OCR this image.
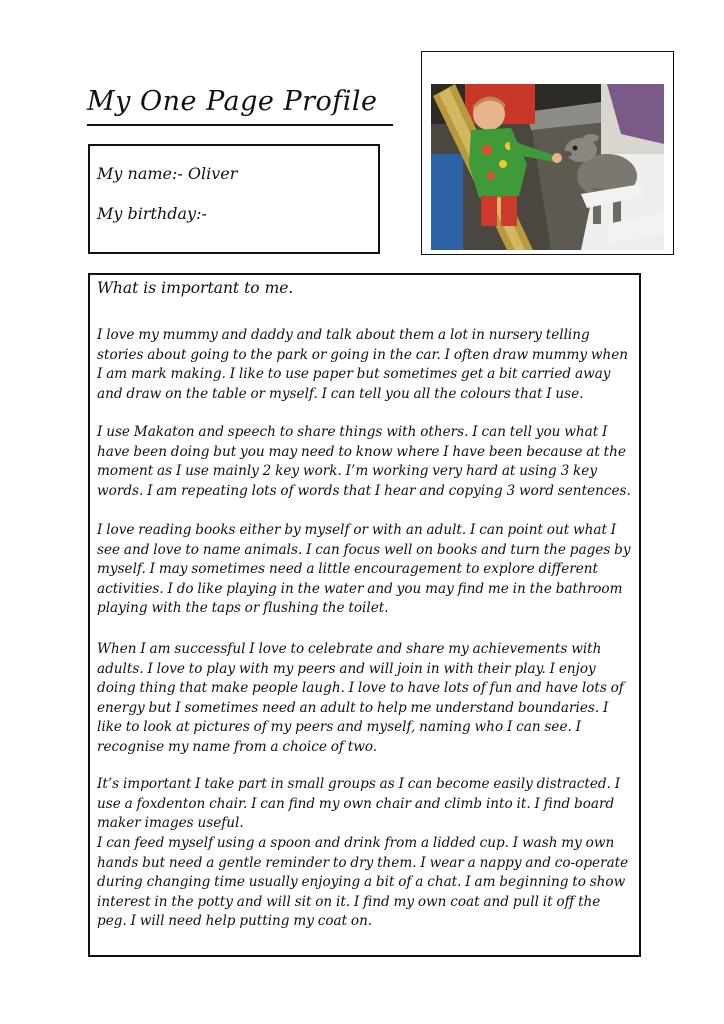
My One Page Profile
My name:- Oliver
My birthday:-
What is important to me.

I love my mummy and daddy and talk about them a lot in nursery telling stories about going to the park or going in the car. I often draw mummy when I am mark making. I like to use paper but sometimes get a bit carried away and draw on the table or myself. I can tell you all the colours that I use.

I use Makaton and speech to share things with others. I can tell you what I have been doing but you may need to know where I have been because at the moment as I use mainly 2 key work. I’m working very hard at using 3 key words. I am repeating lots of words that I hear and copying 3 word sentences.

I love reading books either by myself or with an adult. I can point out what I see and love to name animals. I can focus well on books and turn the pages by myself. I may sometimes need a little encouragement to explore different activities. I do like playing in the water and you may find me in the bathroom playing with the taps or flushing the toilet.

When I am successful I love to celebrate and share my achievements with adults. I love to play with my peers and will join in with their play. I enjoy doing thing that make people laugh. I love to have lots of fun and have lots of energy but I sometimes need an adult to help me understand boundaries. I like to look at pictures of my peers and myself, naming who I can see. I recognise my name from a choice of two.

It’s important I take part in small groups as I can become easily distracted. I use a foxdenton chair. I can find my own chair and climb into it. I find board maker images useful.

I can feed myself using a spoon and drink from a lidded cup. I wash my own hands but need a gentle reminder to dry them. I wear a nappy and co-operate during changing time usually enjoying a bit of a chat. I am beginning to show interest in the potty and will sit on it. I find my own coat and pull it off the peg. I will need help putting my coat on.
